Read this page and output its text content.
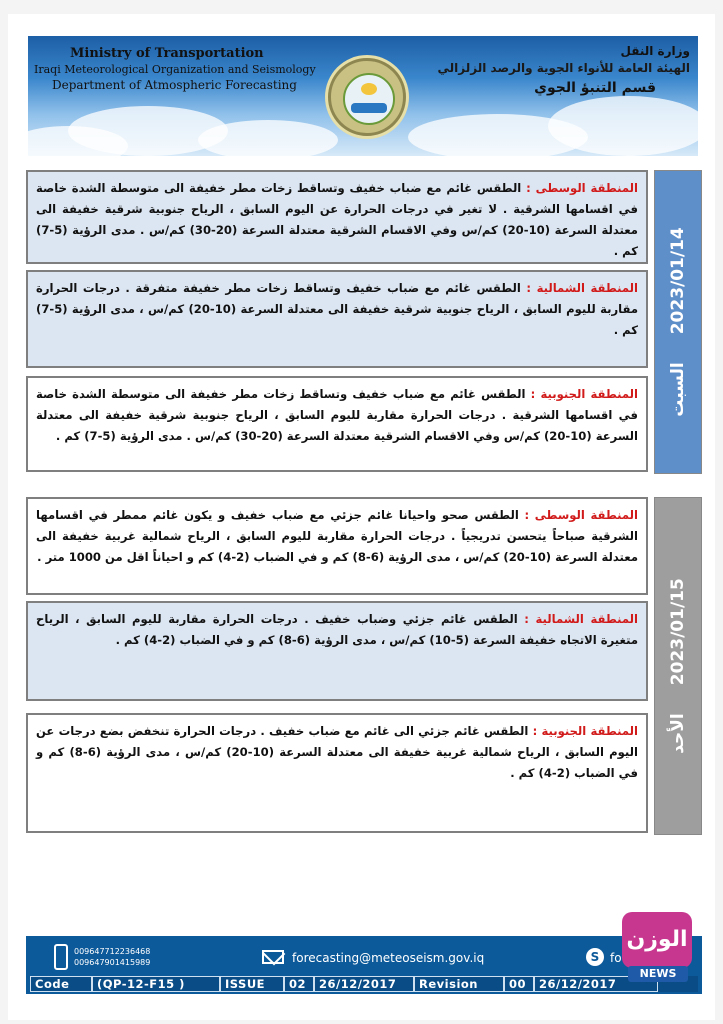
Ministry of Transportation
Iraqi Meteorological Organization and Seismology
Department of Atmospheric Forecasting
وزارة النقل
الهيئة العامة للأنواء الجوية والرصد الزلزالي
قسم التنبؤ الجوي
المنطقة الوسطى : الطقس غائم مع ضباب خفيف وتساقط زخات مطر خفيفة الى متوسطة الشدة خاصة في اقسامها الشرقية . لا تغير في درجات الحرارة عن اليوم السابق ، الرياح جنوبية شرقية خفيفة الى معتدلة السرعة (10-20) كم/س وفي الاقسام الشرقية معتدلة السرعة (20-30) كم/س . مدى الرؤية (5-7) كم .
المنطقة الشمالية : الطقس غائم مع ضباب خفيف وتساقط زخات مطر خفيفة متفرقة . درجات الحرارة مقاربة لليوم السابق ، الرياح جنوبية شرقية خفيفة الى معتدلة السرعة (10-20) كم/س ، مدى الرؤية (5-7) كم .
المنطقة الجنوبية : الطقس غائم مع ضباب خفيف وتساقط زخات مطر خفيفة الى متوسطة الشدة خاصة في اقسامها الشرقية . درجات الحرارة مقاربة لليوم السابق ، الرياح جنوبية شرقية خفيفة الى معتدلة السرعة (10-20) كم/س وفي الاقسام الشرقية معتدلة السرعة (20-30) كم/س . مدى الرؤية (5-7) كم .
2023/01/14السبت
المنطقة الوسطى : الطقس صحو واحيانا غائم جزئي مع ضباب خفيف و يكون غائم ممطر في اقسامها الشرقية صباحاً يتحسن تدريجياً . درجات الحرارة مقاربة لليوم السابق ، الرياح شمالية غربية خفيفة الى معتدلة السرعة (10-20) كم/س ، مدى الرؤية (6-8) كم و في الضباب (2-4) كم و احياناً اقل من 1000 متر .
المنطقة الشمالية : الطقس غائم جزئي وضباب خفيف . درجات الحرارة مقاربة لليوم السابق ، الرياح متغيرة الاتجاه خفيفة السرعة (5-10) كم/س ، مدى الرؤية (6-8) كم و في الضباب (2-4) كم .
المنطقة الجنوبية : الطقس غائم جزئي الى غائم مع ضباب خفيف . درجات الحرارة تنخفض بضع درجات عن اليوم السابق ، الرياح شمالية غربية خفيفة الى معتدلة السرعة (10-20) كم/س ، مدى الرؤية (6-8) كم و في الضباب (2-4) كم .
2023/01/15الأحد
009647712236468
009647901415989	forecasting@meteoseism.gov.iq	S fo
Code	(QP-12-F15 )	ISSUE	02	26/12/2017	Revision	00	26/12/2017
الوزن
NEWS
